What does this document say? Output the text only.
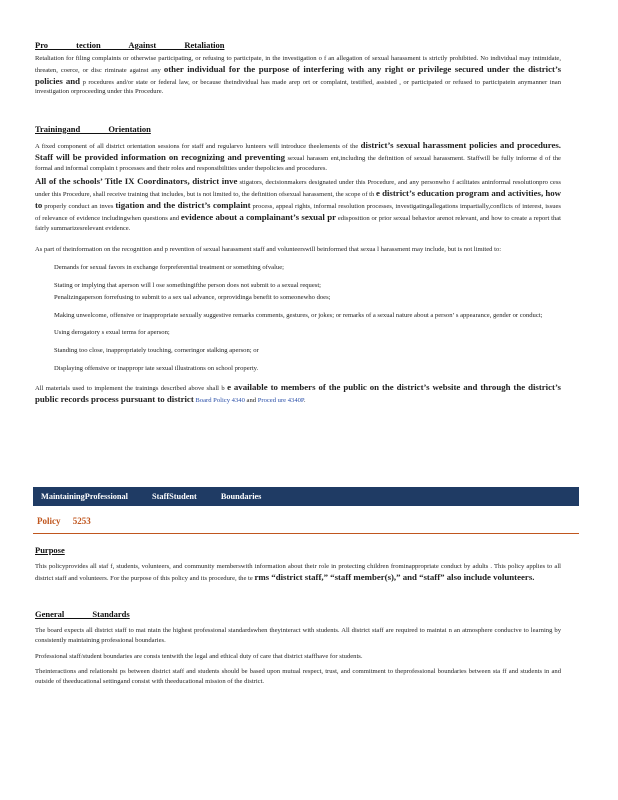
Pro tection Against Retaliation

Retaliation for filing complaints or otherwise participating, or refusing to participate, in the investigation o f an allegation of sexual harassment is strictly prohibited. No individual may intimidate, threaten, coerce, or disc riminate against any other individual for the purpose of interfering with any right or privilege secured under the district’s policies and p rocedures and/or state or federal law, or because theindividual has made arep ort or complaint, testified, assisted , or participated or refused to participatein anymanner inan investigation orproceeding under this Procedure.

Trainingand Orientation

A fixed component of all district orientation sessions for staff and regularvo lunteers will introduce theelements of the district’s sexual harassment policies and procedures. Staff will be provided information on recognizing and preventing sexual harassm ent,including the definition of sexual harassment. Staffwill be fully informe d of the formal and informal complain t processes and their roles and responsibilities under thepolicies and procedures.

All of the schools’ Title IX Coordinators, district inve stigators, decisionmakers designated under this Procedure, and any personwho f acilitates aninformal resolutionpro cess under this Procedure, shall receive training that includes, but is not limited to, the definition ofsexual harassment, the scope of th e district’s education program and activities, how to properly conduct an inves tigation and the district’s complaint process, appeal rights, informal resolution processes, investigatingallegations impartially,conflicts of interest, issues of relevance of evidence includingwhen questions and evidence about a complainant’s sexual pr edisposition or prior sexual behavior arenot relevant, and how to create a report that fairly summarizesrelevant evidence.

As part of theinformation on the recognition and p revention of sexual harassment staff and volunteerswill beinformed that sexua l harassment may include, but is not limited to:

Demands for sexual favors in exchange forpreferential treatment or something ofvalue;
Stating or implying that aperson will l ose somethingifthe person does not submit to a sexual request;
Penalizingaperson forrefusing to submit to a sex ual advance, orprovidinga benefit to someonewho does;
Making unwelcome, offensive or inappropriate sexually suggestive remarks comments, gestures, or jokes; or remarks of a sexual nature about a person’ s appearance, gender or conduct;
Using derogatory s exual terms for aperson;
Standing too close, inappropriately touching, corneringor stalking aperson; or
Displaying offensive or inappropr iate sexual illustrations on school property.

All materials used to implement the trainings described above shall b e available to members of the public on the district’s website and through the district’s public records process pursuant to district Board Policy 4340 and Proced ure 4340P.

MaintainingProfessional StaffStudent Boundaries
Policy 5253

Purpose

This policyprovides all staf f, students, volunteers, and community memberswith information about their role in protecting children frominappropriate conduct by adults . This policy applies to all district staff and volunteers. For the purpose of this policy and its procedure, the te rms “district staff,” “staff member(s),” and “staff” also include volunteers.

General Standards

The board expects all district staff to mai ntain the highest professional standardswhen theyinteract with students. All district staff are required to maintai n an atmosphere conducive to learning by consistently maintaining professional boundaries.

Professional staff/student boundaries are consis tentwith the legal and ethical duty of care that district staffhave for students.

Theinteractions and relationshi ps between district staff and students should be based upon mutual respect, trust, and commitment to theprofessional boundaries between sta ff and students in and outside of theeducational settingand consist with theeducational mission of the district.
